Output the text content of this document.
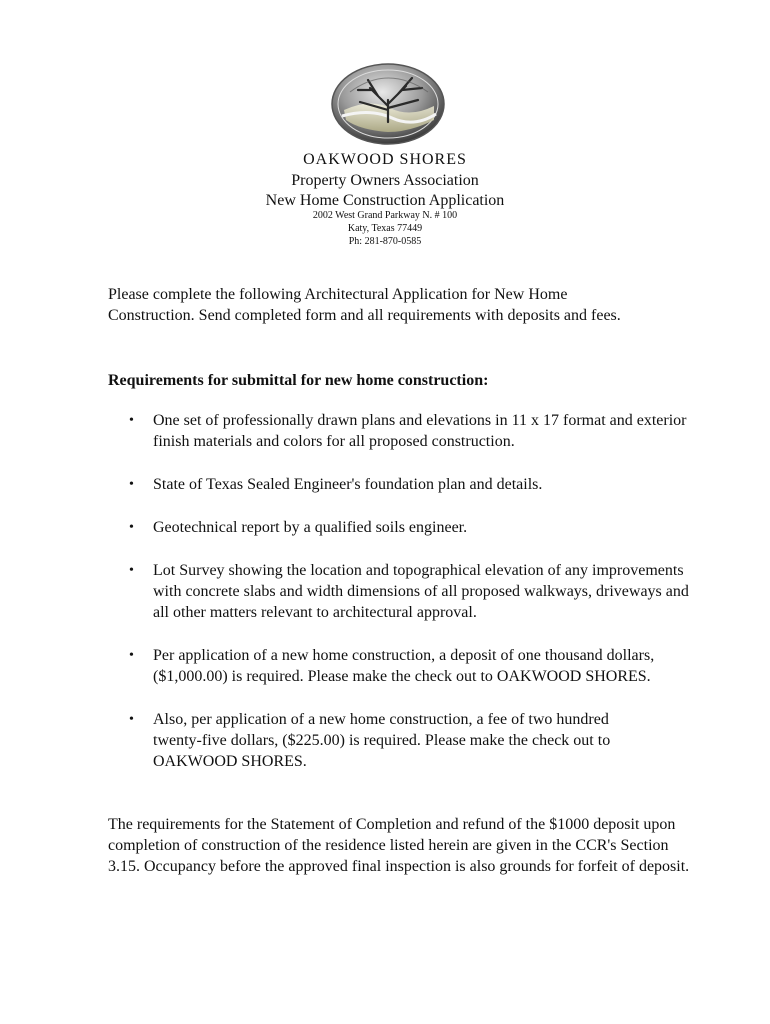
OAKWOOD SHORES
Property Owners Association
New Home Construction Application
2002 West Grand Parkway N. # 100
Katy, Texas 77449
Ph: 281-870-0585
Please complete the following Architectural Application for New Home Construction. Send completed form and all requirements with deposits and fees.
Requirements for submittal for new home construction:
• One set of professionally drawn plans and elevations in 11 x 17 format and exterior finish materials and colors for all proposed construction.
• State of Texas Sealed Engineer's foundation plan and details.
• Geotechnical report by a qualified soils engineer.
• Lot Survey showing the location and topographical elevation of any improvements with concrete slabs and width dimensions of all proposed walkways, driveways and all other matters relevant to architectural approval.
• Per application of a new home construction, a deposit of one thousand dollars, ($1,000.00) is required. Please make the check out to OAKWOOD SHORES.
• Also, per application of a new home construction, a fee of two hundred twenty-five dollars, ($225.00) is required. Please make the check out to OAKWOOD SHORES.
The requirements for the Statement of Completion and refund of the $1000 deposit upon completion of construction of the residence listed herein are given in the CCR's Section 3.15. Occupancy before the approved final inspection is also grounds for forfeit of deposit.
